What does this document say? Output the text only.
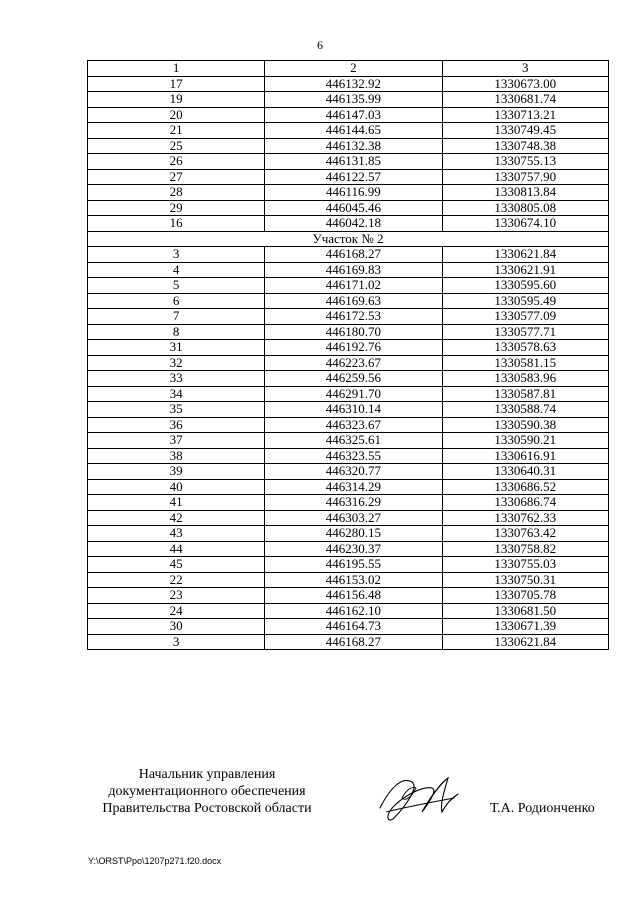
6
1	2	3
17	446132.92	1330673.00
19	446135.99	1330681.74
20	446147.03	1330713.21
21	446144.65	1330749.45
25	446132.38	1330748.38
26	446131.85	1330755.13
27	446122.57	1330757.90
28	446116.99	1330813.84
29	446045.46	1330805.08
16	446042.18	1330674.10
Участок № 2		
3	446168.27	1330621.84
4	446169.83	1330621.91
5	446171.02	1330595.60
6	446169.63	1330595.49
7	446172.53	1330577.09
8	446180.70	1330577.71
31	446192.76	1330578.63
32	446223.67	1330581.15
33	446259.56	1330583.96
34	446291.70	1330587.81
35	446310.14	1330588.74
36	446323.67	1330590.38
37	446325.61	1330590.21
38	446323.55	1330616.91
39	446320.77	1330640.31
40	446314.29	1330686.52
41	446316.29	1330686.74
42	446303.27	1330762.33
43	446280.15	1330763.42
44	446230.37	1330758.82
45	446195.55	1330755.03
22	446153.02	1330750.31
23	446156.48	1330705.78
24	446162.10	1330681.50
30	446164.73	1330671.39
3	446168.27	1330621.84
Начальник управления
документационного обеспечения
Правительства Ростовской области	Т.А. Родионченко
Y:\ORST\Ppo\1207p271.f20.docx
